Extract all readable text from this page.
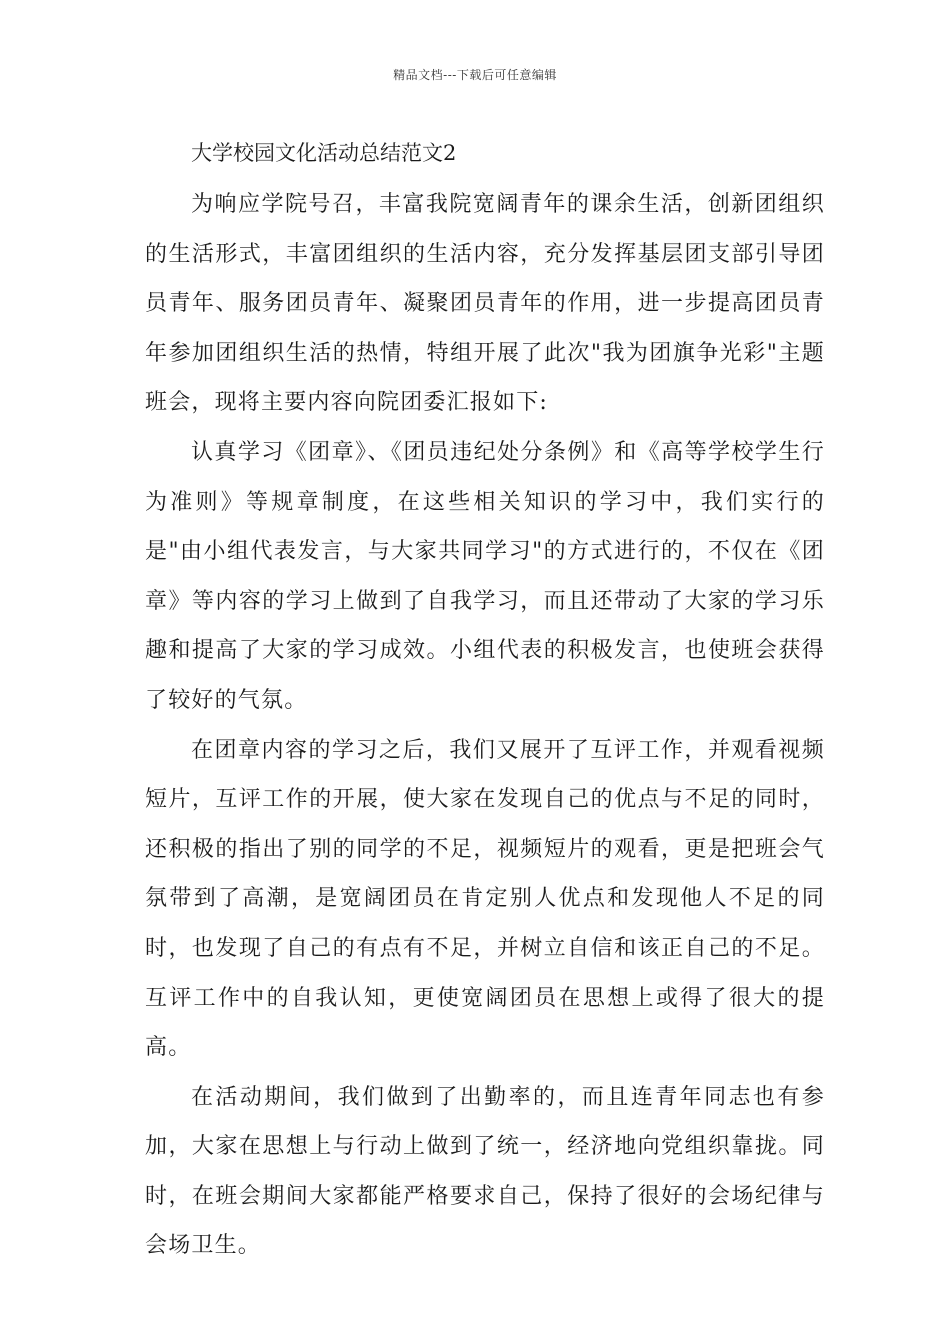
精品文档---下载后可任意编辑
大学校园文化活动总结范文2

为响应学院号召，丰富我院宽阔青年的课余生活，创新团组织的生活形式，丰富团组织的生活内容，充分发挥基层团支部引导团员青年、服务团员青年、凝聚团员青年的作用，进一步提高团员青年参加团组织生活的热情，特组开展了此次"我为团旗争光彩"主题班会，现将主要内容向院团委汇报如下:

认真学习《团章》、《团员违纪处分条例》和《高等学校学生行为准则》等规章制度，在这些相关知识的学习中，我们实行的是"由小组代表发言，与大家共同学习"的方式进行的，不仅在《团章》等内容的学习上做到了自我学习，而且还带动了大家的学习乐趣和提高了大家的学习成效。小组代表的积极发言，也使班会获得了较好的气氛。

在团章内容的学习之后，我们又展开了互评工作，并观看视频短片，互评工作的开展，使大家在发现自己的优点与不足的同时，还积极的指出了别的同学的不足，视频短片的观看，更是把班会气氛带到了高潮，是宽阔团员在肯定别人优点和发现他人不足的同时，也发现了自己的有点有不足，并树立自信和该正自己的不足。互评工作中的自我认知，更使宽阔团员在思想上或得了很大的提高。

在活动期间，我们做到了出勤率的，而且连青年同志也有参加，大家在思想上与行动上做到了统一，经济地向党组织靠拢。同时，在班会期间大家都能严格要求自己，保持了很好的会场纪律与会场卫生。
